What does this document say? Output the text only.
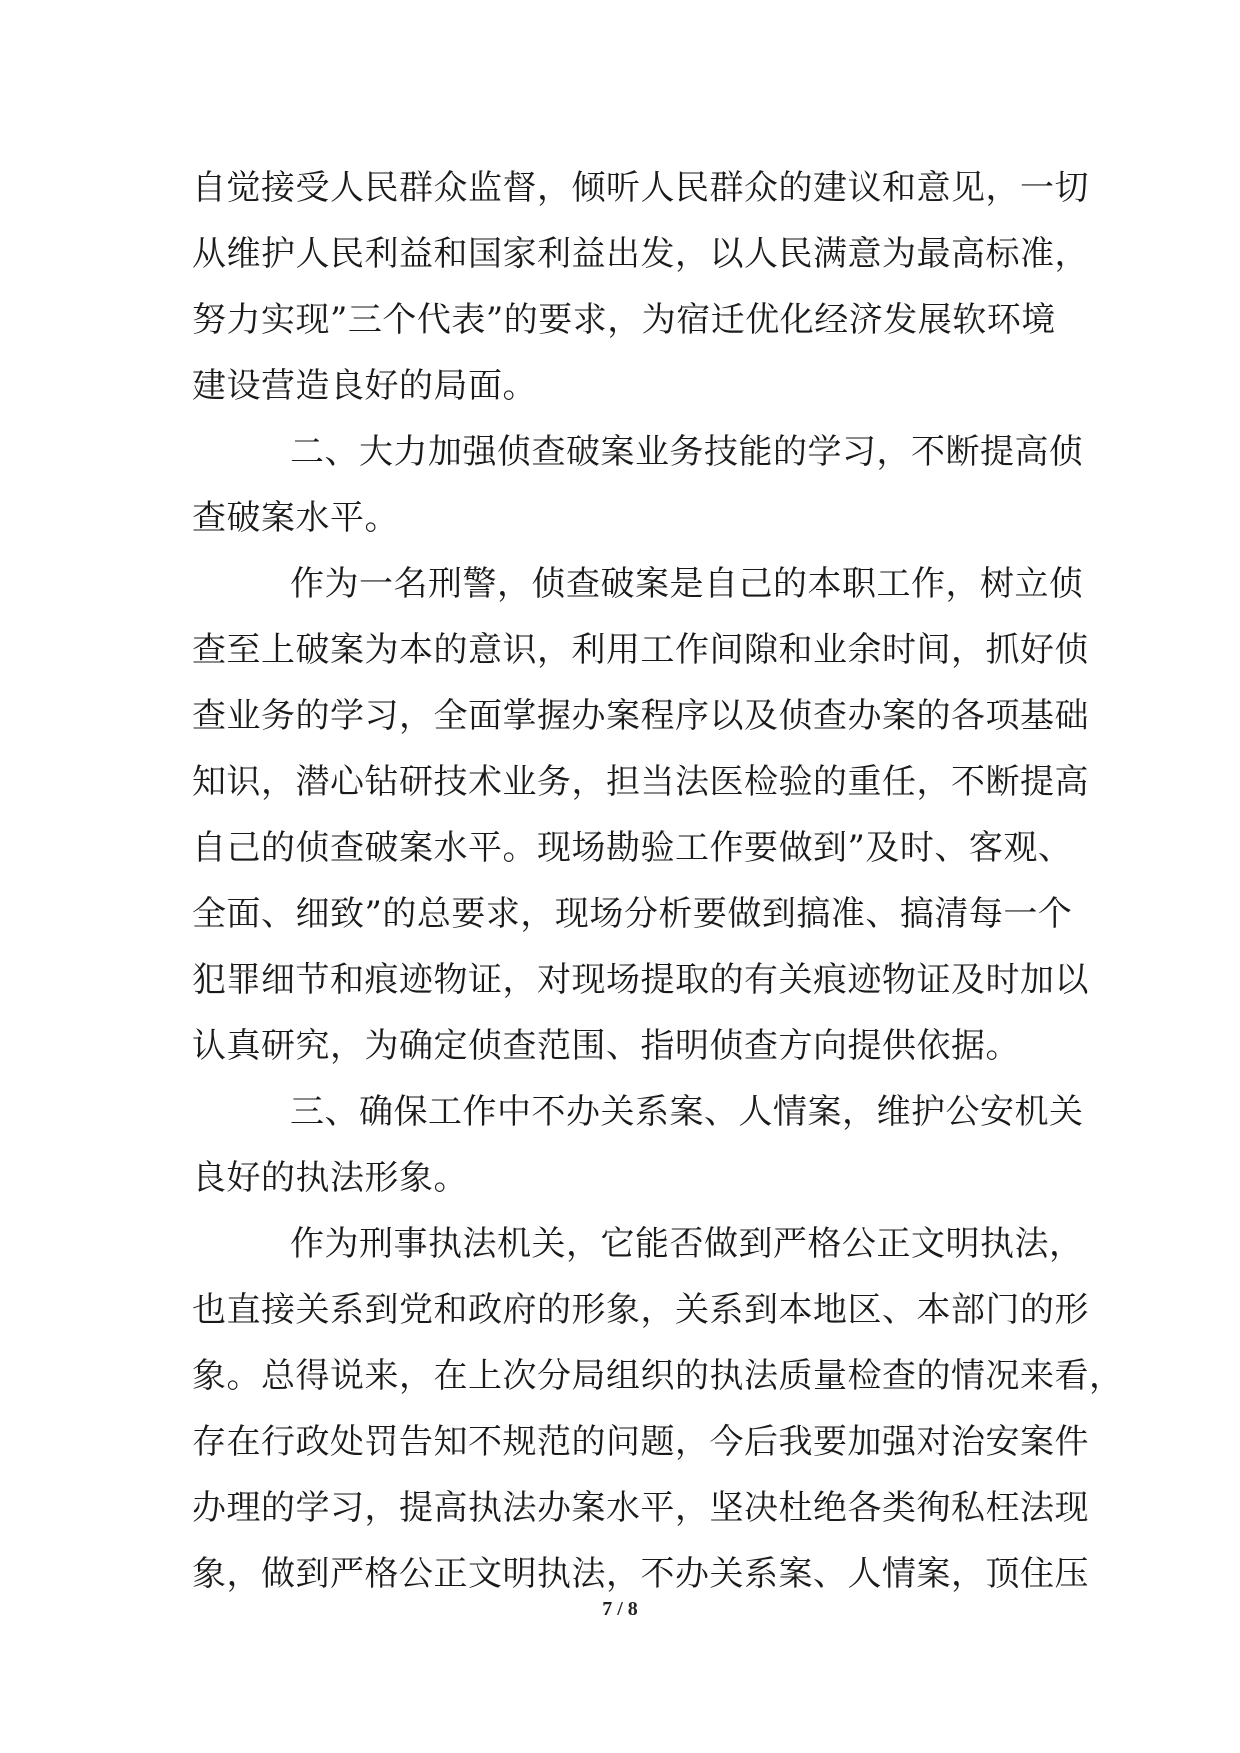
自觉接受人民群众监督，倾听人民群众的建议和意见，一切
从维护人民利益和国家利益出发，以人民满意为最高标准，
努力实现”三个代表”的要求，为宿迁优化经济发展软环境
建设营造良好的局面。
二、大力加强侦查破案业务技能的学习，不断提高侦
查破案水平。
作为一名刑警，侦查破案是自己的本职工作，树立侦
查至上破案为本的意识，利用工作间隙和业余时间，抓好侦
查业务的学习，全面掌握办案程序以及侦查办案的各项基础
知识，潜心钻研技术业务，担当法医检验的重任，不断提高
自己的侦查破案水平。现场勘验工作要做到”及时、客观、
全面、细致”的总要求，现场分析要做到搞准、搞清每一个
犯罪细节和痕迹物证，对现场提取的有关痕迹物证及时加以
认真研究，为确定侦查范围、指明侦查方向提供依据。
三、确保工作中不办关系案、人情案，维护公安机关
良好的执法形象。
作为刑事执法机关，它能否做到严格公正文明执法，
也直接关系到党和政府的形象，关系到本地区、本部门的形
象。总得说来，在上次分局组织的执法质量检查的情况来看，
存在行政处罚告知不规范的问题，今后我要加强对治安案件
办理的学习，提高执法办案水平，坚决杜绝各类徇私枉法现
象，做到严格公正文明执法，不办关系案、人情案，顶住压
7 / 8
